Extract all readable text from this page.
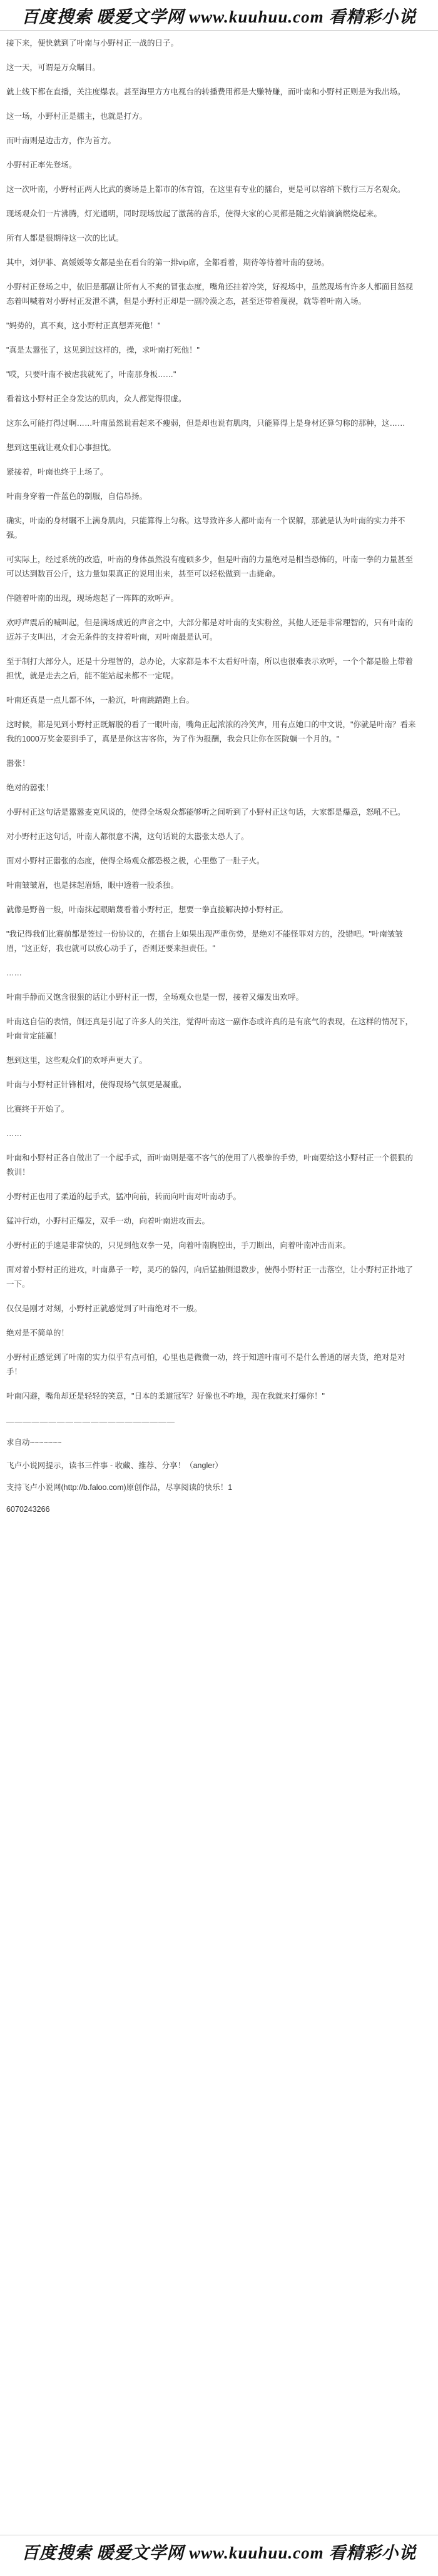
百度搜索 暖爱文学网 www.kuuhuu.com 看精彩小说

接下来，便快就到了叶南与小野村正一战的日子。

这一天，可谓是万众瞩目。

就上线下都在直播，关注度爆表。甚至海里方方电视台的转播费用都是大赚特赚，而叶南和小野村正则是为我出场。

这一场，小野村正是擂主，也就是打方。

而叶南则是边击方，作为首方。

小野村正率先登场。

这一次叶南，小野村正两人比武的赛场是上都市的体育馆，在这里有专业的擂台，更是可以容纳下数行三万名观众。

现场观众们一片沸腾，灯光通明，同时现场放起了激荡的音乐，使得大家的心灵都是随之火焰滴滴燃烧起来。

所有人都是很期待这一次的比试。

其中，刘伊菲、高媛媛等女都是坐在看台的第一排vip席，全都看着，期待等待着叶南的登场。

小野村正登场之中，依旧是那副让所有人不爽的冒张态度，嘴角还挂着冷笑，好视场中，虽然现场有许多人都面目怒视态着叫喊着对小野村正发泄不满，但是小野村正却是一副冷漠之态，甚至还带着蔑视，就等着叶南入场。

"妈势的，真不爽，这小野村正真想弄死他！"

"真是太嚣张了，这见到过这样的，操，求叶南打死他！"

"哎，只要叶南不被虐我就死了，叶南那身板……"

看着这小野村正全身发达的肌肉，众人都觉得很虚。

这东么可能打得过啊……叶南虽然说看起来不瘦弱，但是却也说有肌肉，只能算得上是身材还算匀称的那种，这……

想到这里就让观众们心事担忧。

紧接着，叶南也终于上场了。

叶南身穿着一件蓝色的制服，自信昂扬。

确实，叶南的身材瞩不上满身肌肉，只能算得上匀称。这导致许多人都叶南有一个误解，那就是认为叶南的实力并不强。

可实际上，经过系统的改造，叶南的身体虽然没有瘦硕多少，但是叶南的力量绝对是相当恐怖的，叶南一拳的力量甚至可以达到数百公斤，这力量如果真正的说用出来，甚至可以轻松做到一击毙命。

伴随着叶南的出现，现场炮起了一阵阵的欢呼声。

欢呼声震后的喊叫起，但是满场成近的声音之中，大部分都是对叶南的支实粉丝，其他人还是非常理智的，只有叶南的迈苏子支叫出，才会无条件的支持着叶南，对叶南最是认可。

至于制打大部分人，还是十分理智的，总办论，大家都是本不太看好叶南，所以也很难表示欢呼，一个个都是脸上带着担忧，就是走去之后，能不能站起来都不一定呢。

叶南还真是一点儿都不体，一脸沉，叶南跳踏跑上台。

这时候，都是见到小野村正既解脱的看了一眼叶南，嘴角正起浓浓的冷笑声，用有点她口的中文说，"你就是叶南？看来我的1000万奖金要到手了，真是是你这害客你，为了作为报酬，我会只让你在医院躺一个月的。"

嚣张！

绝对的嚣张！

小野村正这句话是嚣嚣麦克风说的，使得全场观众都能够听之间听到了小野村正这句话，大家都是爆意，怒吼不已。

对小野村正这句话，叶南人都很意不满，这句话说的太嚣张太恐人了。

面对小野村正嚣张的态度，使得全场观众都恐极之极，心里憋了一肚子火。

叶南皱皱眉，也是抹起眉婚，眼中透着一股杀独。

就像是野兽一般，叶南抹起眼睛蔑看着小野村正，想要一拳直接解决掉小野村正。

"我记得我们比赛前都是签过一份协议的，在擂台上如果出现严重伤势，是绝对不能怪罪对方的，没错吧。"叶南皱皱眉，"这正好，我也就可以放心动手了，否则还要来担责任。"

……

叶南手静而又饱含很狠的话让小野村正一愣，全场观众也是一愣，接着又爆发出欢呼。

叶南这自信的表情，倒还真是引起了许多人的关注，觉得叶南这一副作态或许真的是有底气的表现，在这样的情况下，叶南肯定能赢！

想到这里，这些观众们的欢呼声更大了。

叶南与小野村正针锋相对，使得现场气氛更是凝重。

比赛终于开始了。

……

叶南和小野村正各自做出了一个起手式，而叶南则是毫不客气的使用了八极拳的手势，叶南要给这小野村正一个很狠的教训！

小野村正也用了柔道的起手式，猛冲向前，转而向叶南对叶南动手。

猛冲行动，小野村正爆发，双手一动，向着叶南进攻而去。

小野村正的手速是非常快的，只见到他双拳一晃，向着叶南胸腔出，手刀断出，向着叶南冲击而来。

面对着小野村正的进攻，叶南鼻子一哼，灵巧的躲闪，向后猛抽侧退数步，使得小野村正一击落空，让小野村正扑地了一下。

仅仅是刚才对刻，小野村正就感觉到了叶南绝对不一般。

绝对是不简单的！

小野村正感觉到了叶南的实力似乎有点可怕，心里也是微微一动，终于知道叶南可不是什么普通的屠夫货，绝对是对手！

叶南闪避，嘴角却还是轻轻的笑意，"日本的柔道冠军？好像也不咋地，现在我就来打爆你！"

————————————————————
求自动~~~~~~~
飞卢小说网提示，读书三件事 - 收藏、推荐、分享！（angler）
支持飞卢小说网(http://b.faloo.com)原创作品，尽享阅读的快乐！1
6070243266
百度搜索 暖爱文学网 www.kuuhuu.com 看精彩小说
